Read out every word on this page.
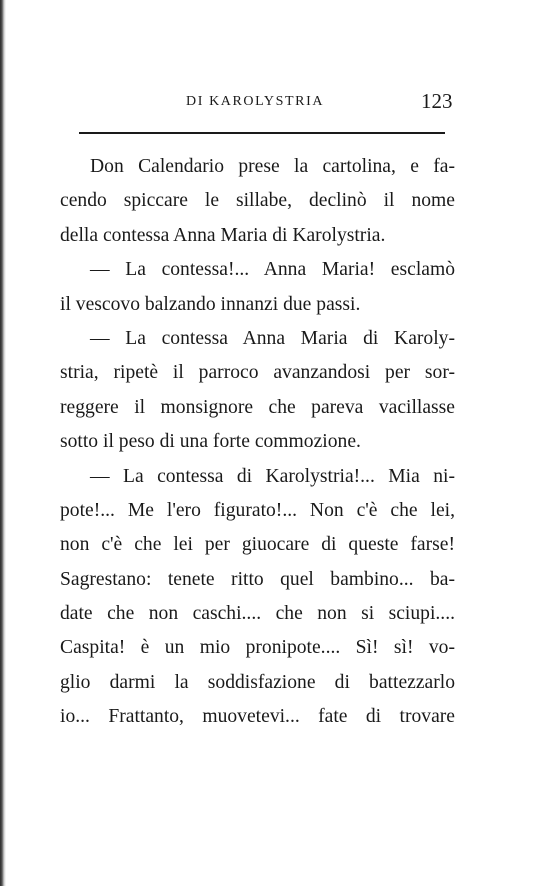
DI KAROLYSTRIA	123
Don Calendario prese la cartolina, e fa-
cendo spiccare le sillabe, declinò il nome
della contessa Anna Maria di Karolystria.
— La contessa!... Anna Maria! esclamò
il vescovo balzando innanzi due passi.
— La contessa Anna Maria di Karoly-
stria, ripetè il parroco avanzandosi per sor-
reggere il monsignore che pareva vacillasse
sotto il peso di una forte commozione.
— La contessa di Karolystria!... Mia ni-
pote!... Me l'ero figurato!... Non c'è che lei,
non c'è che lei per giuocare di queste farse!
Sagrestano: tenete ritto quel bambino... ba-
date che non caschi.... che non si sciupi....
Caspita! è un mio pronipote.... Sì! sì! vo-
glio darmi la soddisfazione di battezzarlo
io... Frattanto, muovetevi... fate di trovare
